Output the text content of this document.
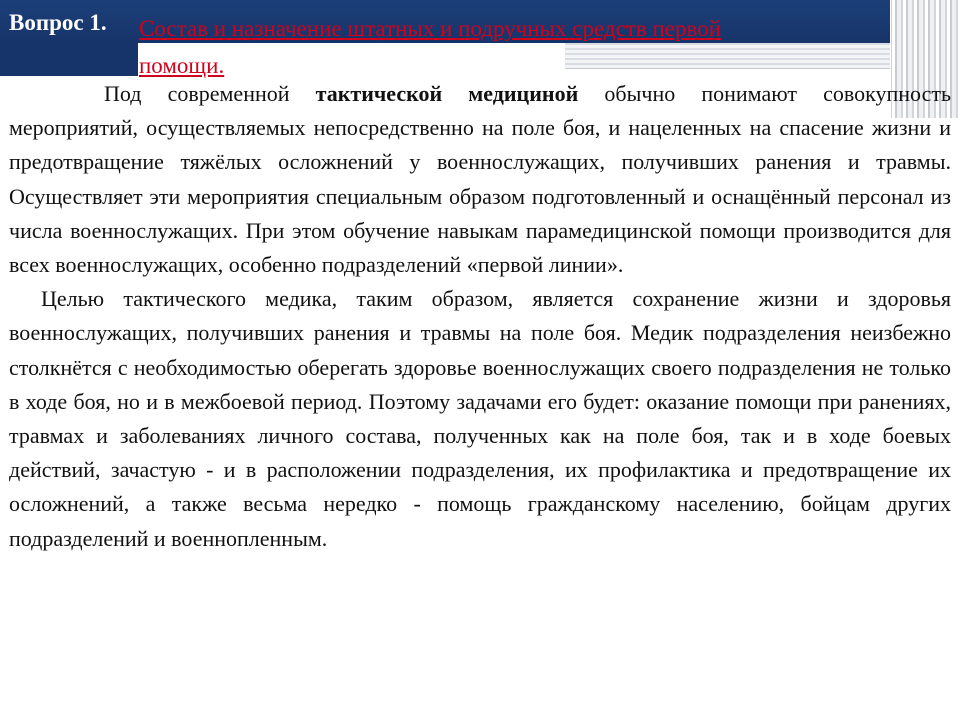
Вопрос 1. Состав и назначение штатных и подручных средств первой
помощи.

Под современной тактической медициной обычно понимают совокупность мероприятий, осуществляемых непосредственно на поле боя, и нацеленных на спасение жизни и предотвращение тяжёлых осложнений у военнослужащих, получивших ранения и травмы. Осуществляет эти мероприятия специальным образом подготовленный и оснащённый персонал из числа военнослужащих. При этом обучение навыкам парамедицинской помощи производится для всех военнослужащих, особенно подразделений «первой линии».

Целью тактического медика, таким образом, является сохранение жизни и здоровья военнослужащих, получивших ранения и травмы на поле боя. Медик подразделения неизбежно столкнётся с необходимостью оберегать здоровье военнослужащих своего подразделения не только в ходе боя, но и в межбоевой период. Поэтому задачами его будет: оказание помощи при ранениях, травмах и заболеваниях личного состава, полученных как на поле боя, так и в ходе боевых действий, зачастую - и в расположении подразделения, их профилактика и предотвращение их осложнений, а также весьма нередко - помощь гражданскому населению, бойцам других подразделений и военнопленным.
